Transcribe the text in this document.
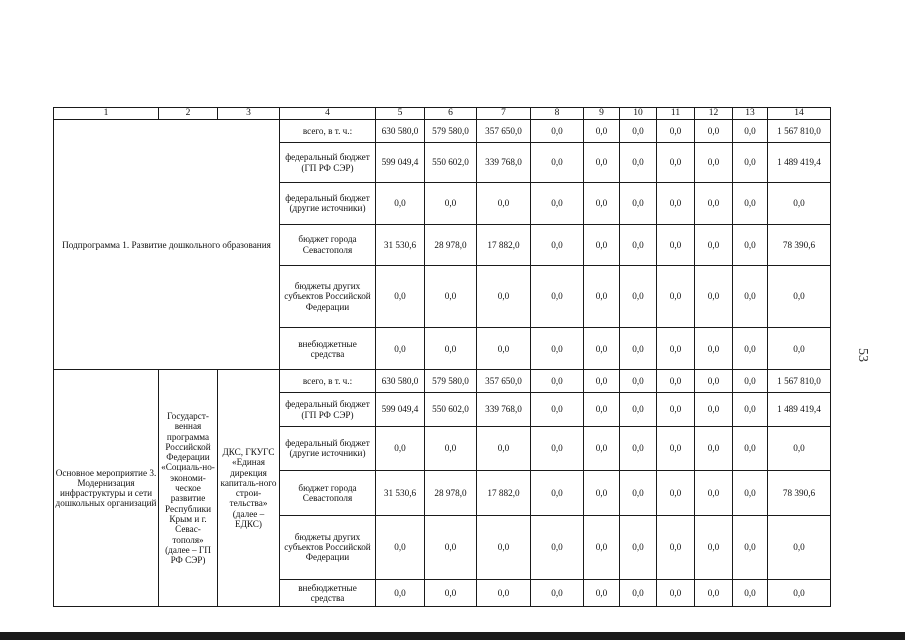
1	2	3	4	5	6	7	8	9	10	11	12	13	14
Подпрограмма 1. Развитие дошкольного образования			всего, в т. ч.:	630 580,0	579 580,0	357 650,0	0,0	0,0	0,0	0,0	0,0	0,0	1 567 810,0
			федеральный бюджет (ГП РФ СЭР)	599 049,4	550 602,0	339 768,0	0,0	0,0	0,0	0,0	0,0	0,0	1 489 419,4
			федеральный бюджет (другие источники)	0,0	0,0	0,0	0,0	0,0	0,0	0,0	0,0	0,0	0,0
			бюджет города Севастополя	31 530,6	28 978,0	17 882,0	0,0	0,0	0,0	0,0	0,0	0,0	78 390,6
			бюджеты других субъектов Российской Федерации	0,0	0,0	0,0	0,0	0,0	0,0	0,0	0,0	0,0	0,0
			внебюджетные средства	0,0	0,0	0,0	0,0	0,0	0,0	0,0	0,0	0,0	0,0
Основное мероприятие 3. Модернизация инфраструктуры и сети дошкольных организаций	Государст-венная программа Российской Федерации «Социаль-но-экономи-ческое развитие Республики Крым и г. Севас-тополя» (далее – ГП РФ СЭР)	ДКС, ГКУГС «Единая дирекция капиталь-ного строи-тельства» (далее – ЕДКС)	всего, в т. ч.:	630 580,0	579 580,0	357 650,0	0,0	0,0	0,0	0,0	0,0	0,0	1 567 810,0
			федеральный бюджет (ГП РФ СЭР)	599 049,4	550 602,0	339 768,0	0,0	0,0	0,0	0,0	0,0	0,0	1 489 419,4
			федеральный бюджет (другие источники)	0,0	0,0	0,0	0,0	0,0	0,0	0,0	0,0	0,0	0,0
			бюджет города Севастополя	31 530,6	28 978,0	17 882,0	0,0	0,0	0,0	0,0	0,0	0,0	78 390,6
			бюджеты других субъектов Российской Федерации	0,0	0,0	0,0	0,0	0,0	0,0	0,0	0,0	0,0	0,0
			внебюджетные средства	0,0	0,0	0,0	0,0	0,0	0,0	0,0	0,0	0,0	0,0
53
